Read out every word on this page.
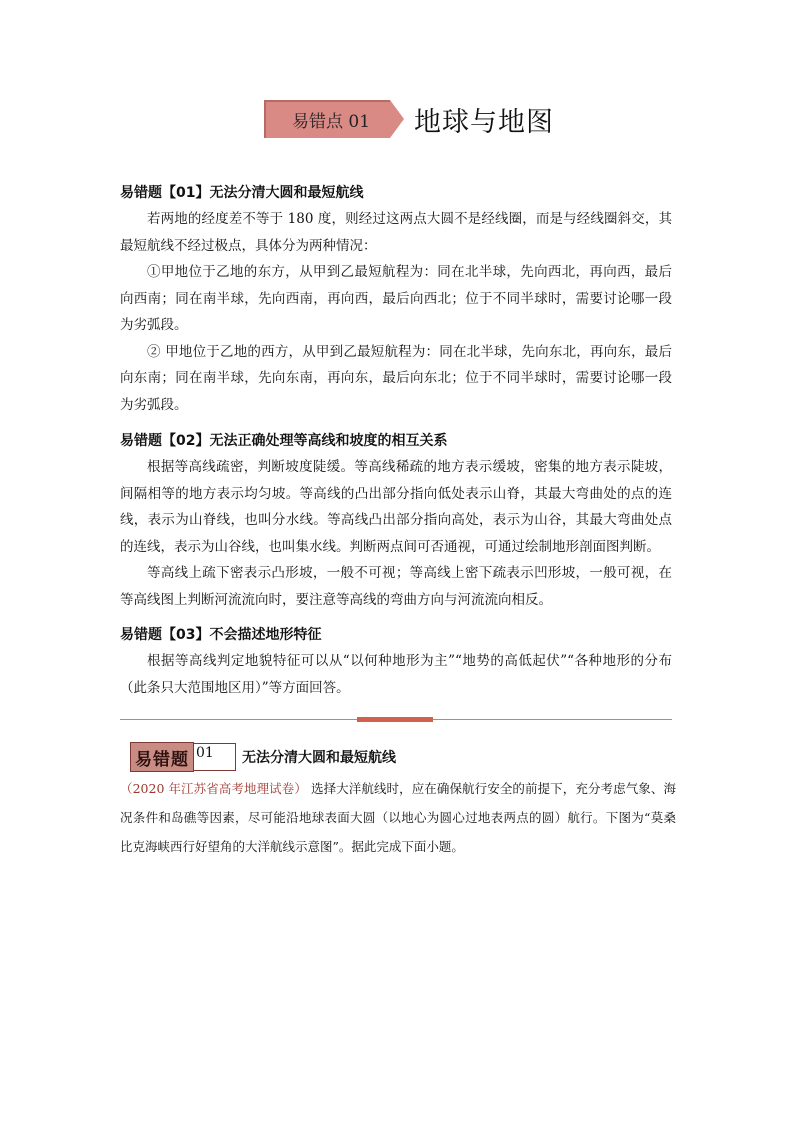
易错点 01 地球与地图

易错题【01】无法分清大圆和最短航线

若两地的经度差不等于 180 度，则经过这两点大圆不是经线圈，而是与经线圈斜交，其最短航线不经过极点，具体分为两种情况：

①甲地位于乙地的东方，从甲到乙最短航程为：同在北半球，先向西北，再向西，最后向西南；同在南半球，先向西南，再向西，最后向西北；位于不同半球时，需要讨论哪一段为劣弧段。

② 甲地位于乙地的西方，从甲到乙最短航程为：同在北半球，先向东北，再向东，最后向东南；同在南半球，先向东南，再向东，最后向东北；位于不同半球时，需要讨论哪一段为劣弧段。

易错题【02】无法正确处理等高线和坡度的相互关系

根据等高线疏密，判断坡度陡缓。等高线稀疏的地方表示缓坡，密集的地方表示陡坡，间隔相等的地方表示均匀坡。等高线的凸出部分指向低处表示山脊，其最大弯曲处的点的连线，表示为山脊线，也叫分水线。等高线凸出部分指向高处，表示为山谷，其最大弯曲处点的连线，表示为山谷线，也叫集水线。判断两点间可否通视，可通过绘制地形剖面图判断。

等高线上疏下密表示凸形坡，一般不可视；等高线上密下疏表示凹形坡，一般可视，在等高线图上判断河流流向时，要注意等高线的弯曲方向与河流流向相反。

易错题【03】不会描述地形特征

根据等高线判定地貌特征可以从“以何种地形为主”“地势的高低起伏”“各种地形的分布（此条只大范围地区用）”等方面回答。

易错题 01	无法分清大圆和最短航线

（2020 年江苏省高考地理试卷） 选择大洋航线时，应在确保航行安全的前提下，充分考虑气象、海况条件和岛礁等因素，尽可能沿地球表面大圆（以地心为圆心过地表两点的圆）航行。下图为“莫桑比克海峡西行好望角的大洋航线示意图”。据此完成下面小题。
